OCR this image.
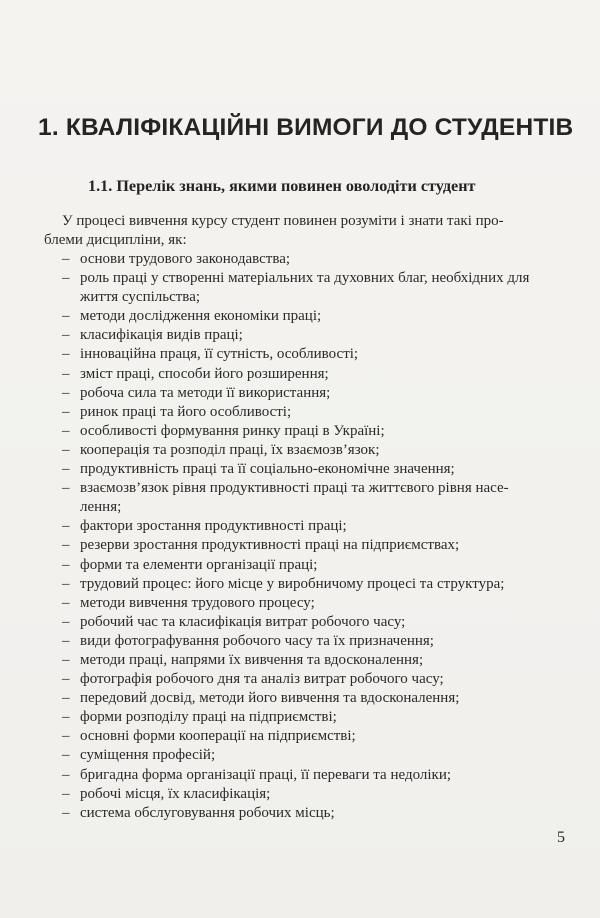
1. КВАЛІФІКАЦІЙНІ ВИМОГИ ДО СТУДЕНТІВ
1.1. Перелік знань, якими повинен оволодіти студент
У процесі вивчення курсу студент повинен розуміти і знати такі про-
блеми дисципліни, як:
– основи трудового законодавства;
– роль праці у створенні матеріальних та духовних благ, необхідних для
життя суспільства;
– методи дослідження економіки праці;
– класифікація видів праці;
– інноваційна праця, її сутність, особливості;
– зміст праці, способи його розширення;
– робоча сила та методи її використання;
– ринок праці та його особливості;
– особливості формування ринку праці в Україні;
– кооперація та розподіл праці, їх взаємозв’язок;
– продуктивність праці та її соціально-економічне значення;
– взаємозв’язок рівня продуктивності праці та життєвого рівня насе-
лення;
– фактори зростання продуктивності праці;
– резерви зростання продуктивності праці на підприємствах;
– форми та елементи організації праці;
– трудовий процес: його місце у виробничому процесі та структура;
– методи вивчення трудового процесу;
– робочий час та класифікація витрат робочого часу;
– види фотографування робочого часу та їх призначення;
– методи праці, напрями їх вивчення та вдосконалення;
– фотографія робочого дня та аналіз витрат робочого часу;
– передовий досвід, методи його вивчення та вдосконалення;
– форми розподілу праці на підприємстві;
– основні форми кооперації на підприємстві;
– суміщення професій;
– бригадна форма організації праці, її переваги та недоліки;
– робочі місця, їх класифікація;
– система обслуговування робочих місць;
5
